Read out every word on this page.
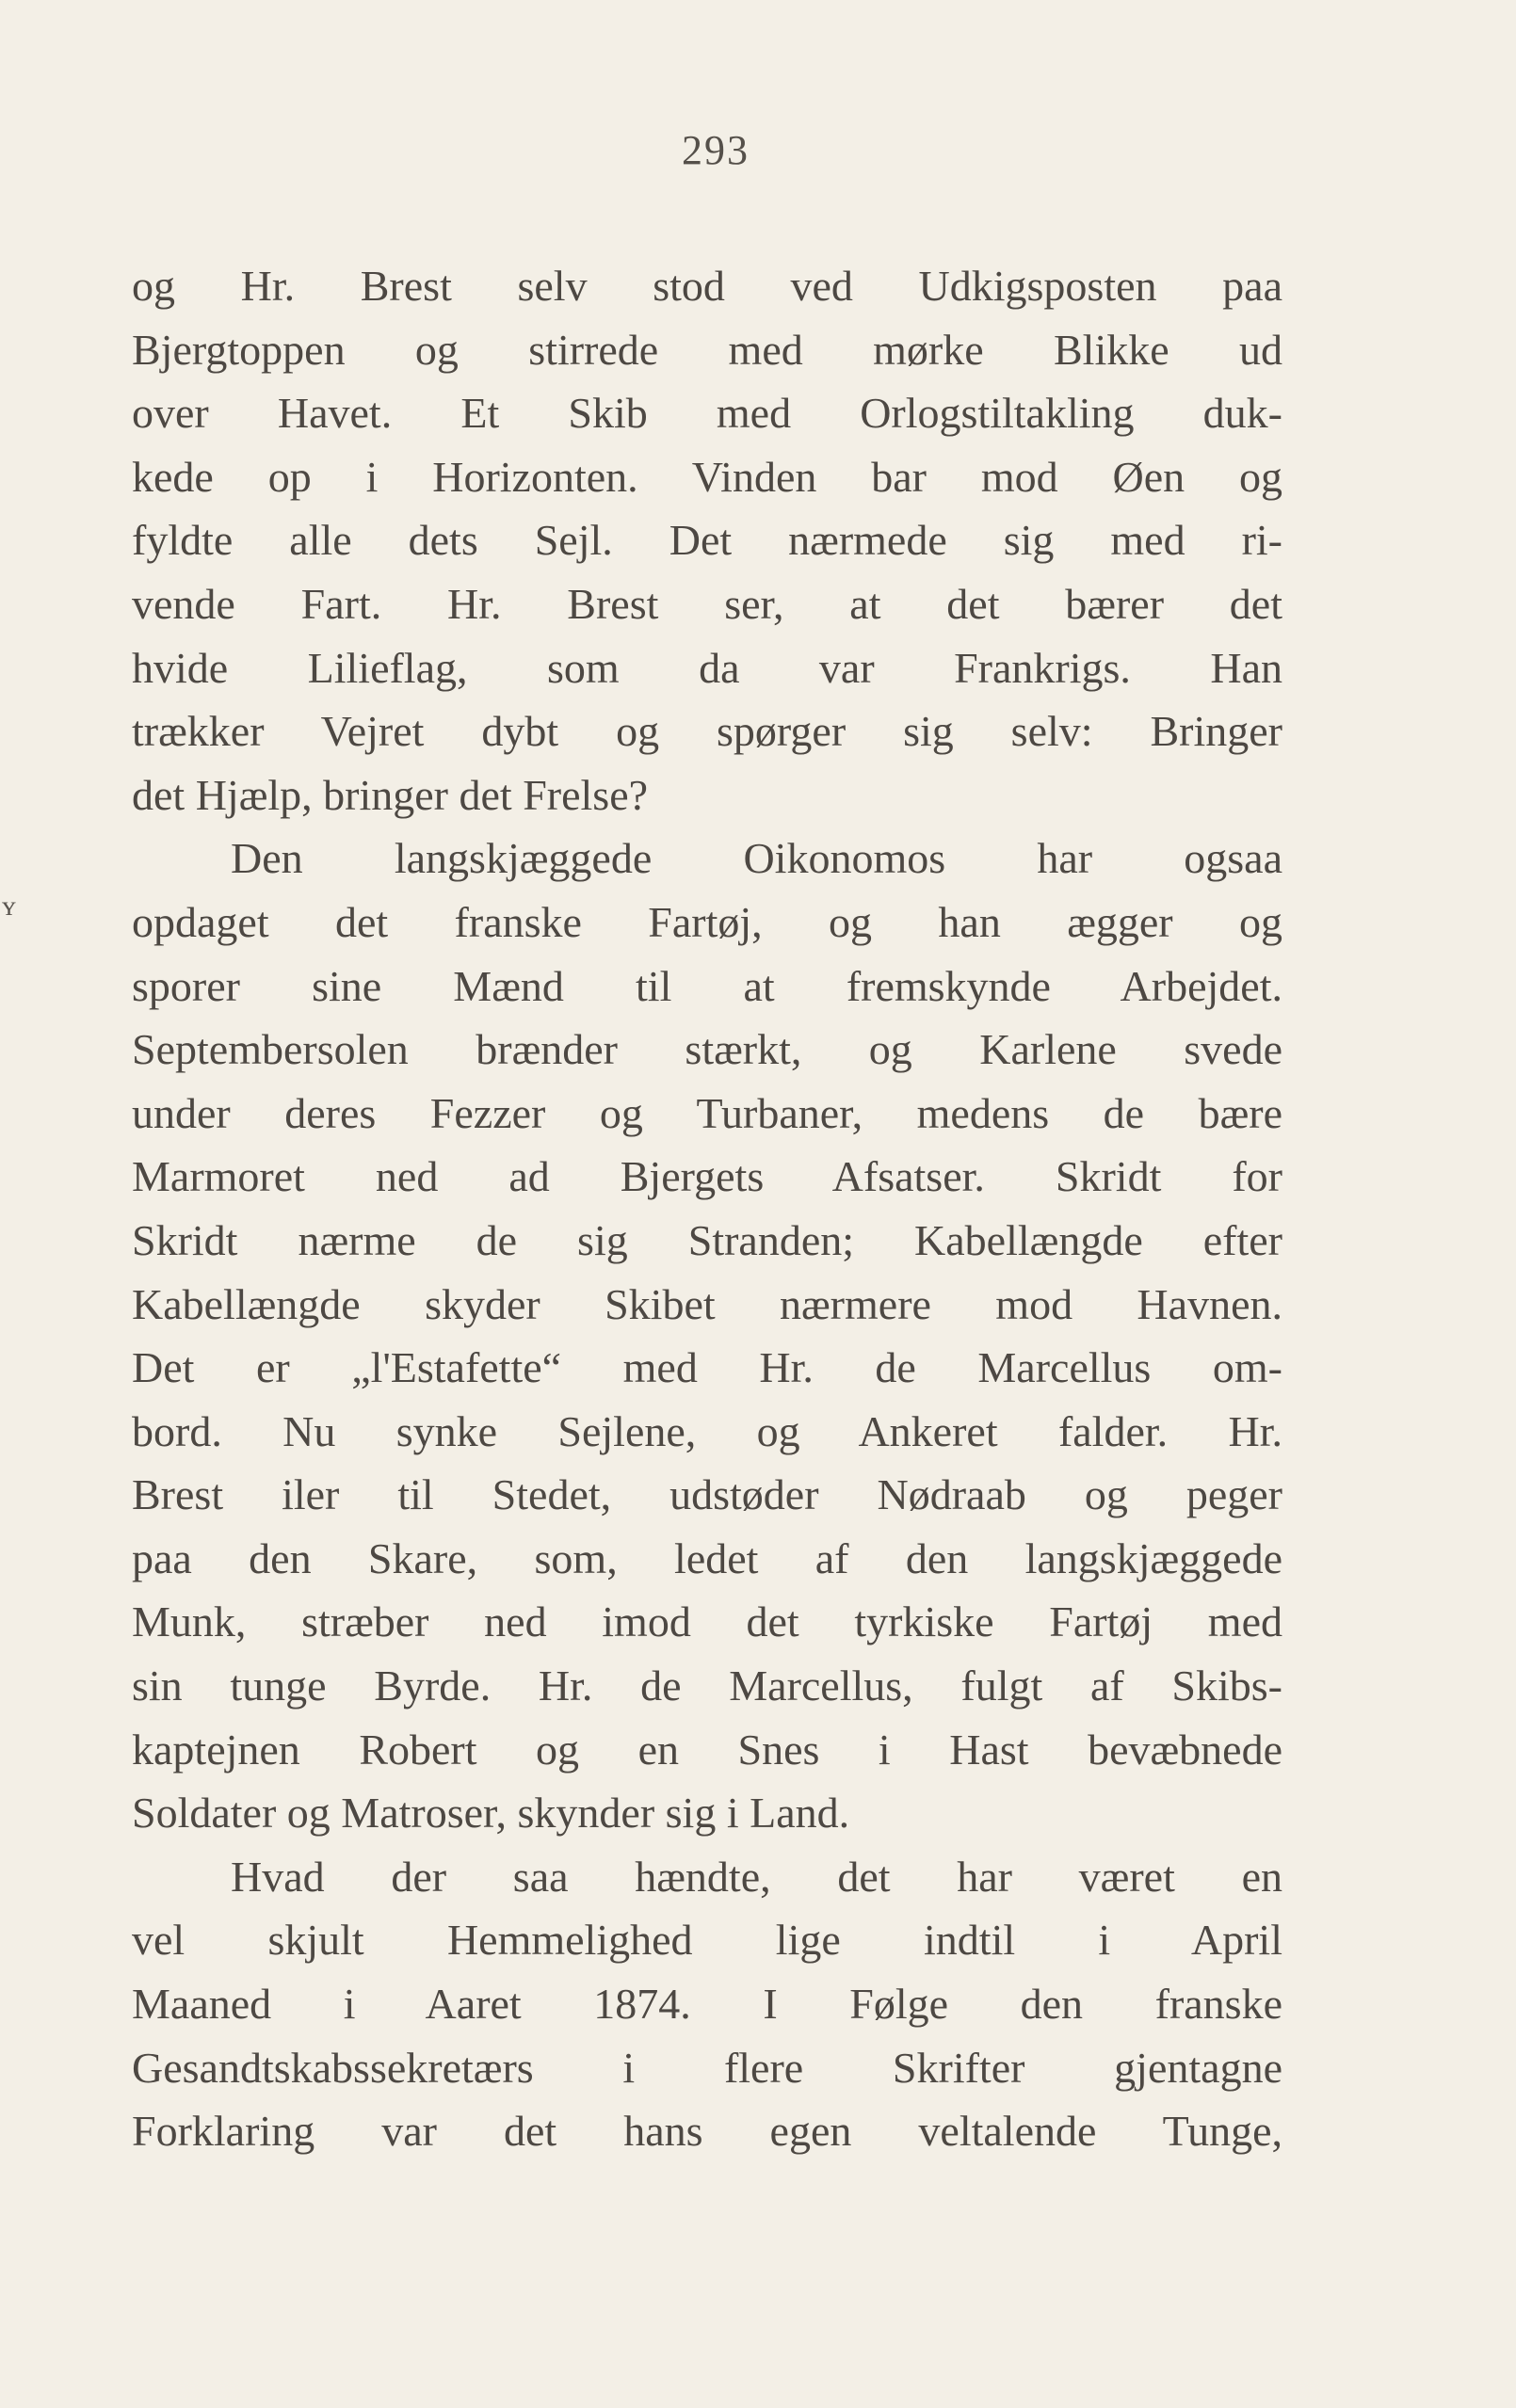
293
og Hr. Brest selv stod ved Udkigsposten paa
Bjergtoppen og stirrede med mørke Blikke ud
over Havet. Et Skib med Orlogstiltakling duk-
kede op i Horizonten. Vinden bar mod Øen og
fyldte alle dets Sejl. Det nærmede sig med ri-
vende Fart. Hr. Brest ser, at det bærer det
hvide Lilieflag, som da var Frankrigs. Han
trækker Vejret dybt og spørger sig selv: Bringer
det Hjælp, bringer det Frelse?
Den langskjæggede Oikonomos har ogsaa
opdaget det franske Fartøj, og han ægger og
sporer sine Mænd til at fremskynde Arbejdet.
Septembersolen brænder stærkt, og Karlene svede
under deres Fezzer og Turbaner, medens de bære
Marmoret ned ad Bjergets Afsatser. Skridt for
Skridt nærme de sig Stranden; Kabellængde efter
Kabellængde skyder Skibet nærmere mod Havnen.
Det er „l'Estafette“ med Hr. de Marcellus om-
bord. Nu synke Sejlene, og Ankeret falder. Hr.
Brest iler til Stedet, udstøder Nødraab og peger
paa den Skare, som, ledet af den langskjæggede
Munk, stræber ned imod det tyrkiske Fartøj med
sin tunge Byrde. Hr. de Marcellus, fulgt af Skibs-
kaptejnen Robert og en Snes i Hast bevæbnede
Soldater og Matroser, skynder sig i Land.
Hvad der saa hændte, det har været en
vel skjult Hemmelighed lige indtil i April
Maaned i Aaret 1874. I Følge den franske
Gesandtskabssekretærs i flere Skrifter gjentagne
Forklaring var det hans egen veltalende Tunge,
ʏ
